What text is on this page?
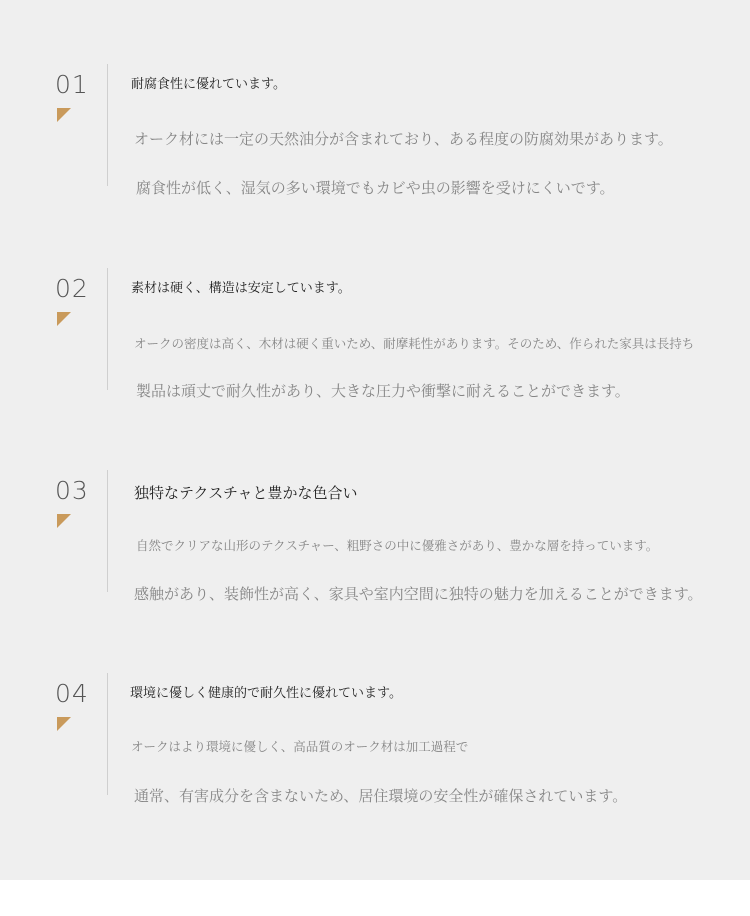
01	耐腐食性に優れています。
オーク材には一定の天然油分が含まれており、ある程度の防腐効果があります。
腐食性が低く、湿気の多い環境でもカビや虫の影響を受けにくいです。
02	素材は硬く、構造は安定しています。
オークの密度は高く、木材は硬く重いため、耐摩耗性があります。そのため、作られた家具は長持ち
製品は頑丈で耐久性があり、大きな圧力や衝撃に耐えることができます。
03	独特なテクスチャと豊かな色合い
自然でクリアな山形のテクスチャー、粗野さの中に優雅さがあり、豊かな層を持っています。
感触があり、装飾性が高く、家具や室内空間に独特の魅力を加えることができます。
04	環境に優しく健康的で耐久性に優れています。
オークはより環境に優しく、高品質のオーク材は加工過程で
通常、有害成分を含まないため、居住環境の安全性が確保されています。
